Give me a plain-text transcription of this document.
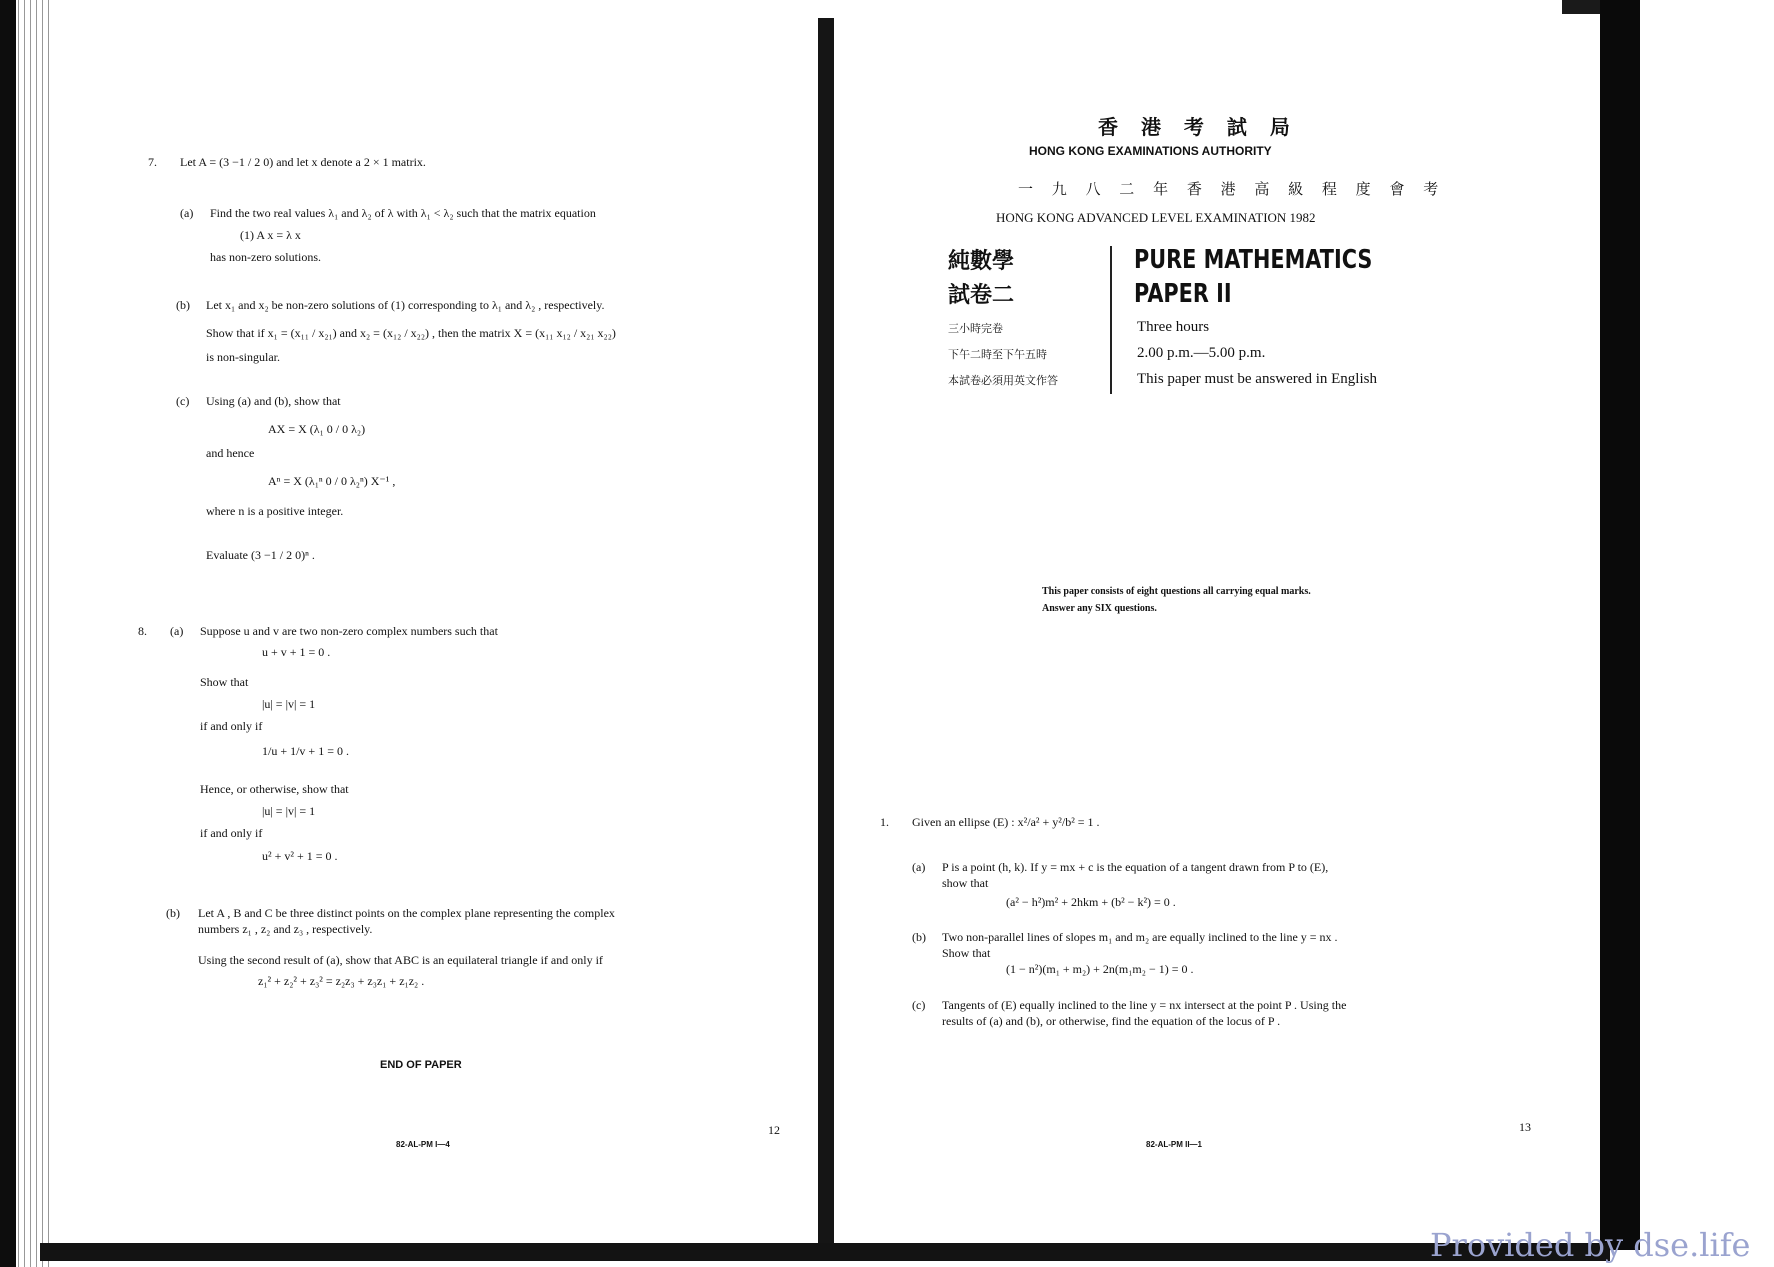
7. Let A = (3 −1 / 2 0) and let x denote a 2 × 1 matrix.
(a) Find the two real values λ₁ and λ₂ of λ with λ₁ < λ₂ such that the matrix equation
(1) A x = λ x
has non-zero solutions.
(b) Let x₁ and x₂ be non-zero solutions of (1) corresponding to λ₁ and λ₂ , respectively.
Show that if x₁ = (x₁₁ / x₂₁) and x₂ = (x₁₂ / x₂₂) , then the matrix X = (x₁₁ x₁₂ / x₂₁ x₂₂)
is non-singular.
(c) Using (a) and (b), show that
AX = X (λ₁ 0 / 0 λ₂)
and hence
Aⁿ = X (λ₁ⁿ 0 / 0 λ₂ⁿ) X⁻¹ ,
where n is a positive integer.
Evaluate (3 −1 / 2 0)ⁿ .
8. (a) Suppose u and v are two non-zero complex numbers such that
u + v + 1 = 0 .
Show that
|u| = |v| = 1
if and only if
1/u + 1/v + 1 = 0 .
Hence, or otherwise, show that
|u| = |v| = 1
if and only if
u² + v² + 1 = 0 .
(b) Let A , B and C be three distinct points on the complex plane representing the complex
numbers z₁ , z₂ and z₃ , respectively.
Using the second result of (a), show that ABC is an equilateral triangle if and only if
z₁² + z₂² + z₃² = z₂z₃ + z₃z₁ + z₁z₂ .
END OF PAPER
12
82-AL-PM I—4
香 港 考 試 局
HONG KONG EXAMINATIONS AUTHORITY
一 九 八 二 年 香 港 高 級 程 度 會 考
HONG KONG ADVANCED LEVEL EXAMINATION 1982
純數學
試卷二
PURE MATHEMATICS
PAPER II
三小時完卷	Three hours
下午二時至下午五時	2.00 p.m.—5.00 p.m.
本試卷必須用英文作答	This paper must be answered in English
This paper consists of eight questions all carrying equal marks.
Answer any SIX questions.
1. Given an ellipse (E) : x²/a² + y²/b² = 1 .
(a) P is a point (h, k). If y = mx + c is the equation of a tangent drawn from P to (E),
show that
(a² − h²)m² + 2hkm + (b² − k²) = 0 .
(b) Two non-parallel lines of slopes m₁ and m₂ are equally inclined to the line y = nx .
Show that
(1 − n²)(m₁ + m₂) + 2n(m₁m₂ − 1) = 0 .
(c) Tangents of (E) equally inclined to the line y = nx intersect at the point P . Using the
results of (a) and (b), or otherwise, find the equation of the locus of P .
13
82-AL-PM II—1
Provided by dse.life
